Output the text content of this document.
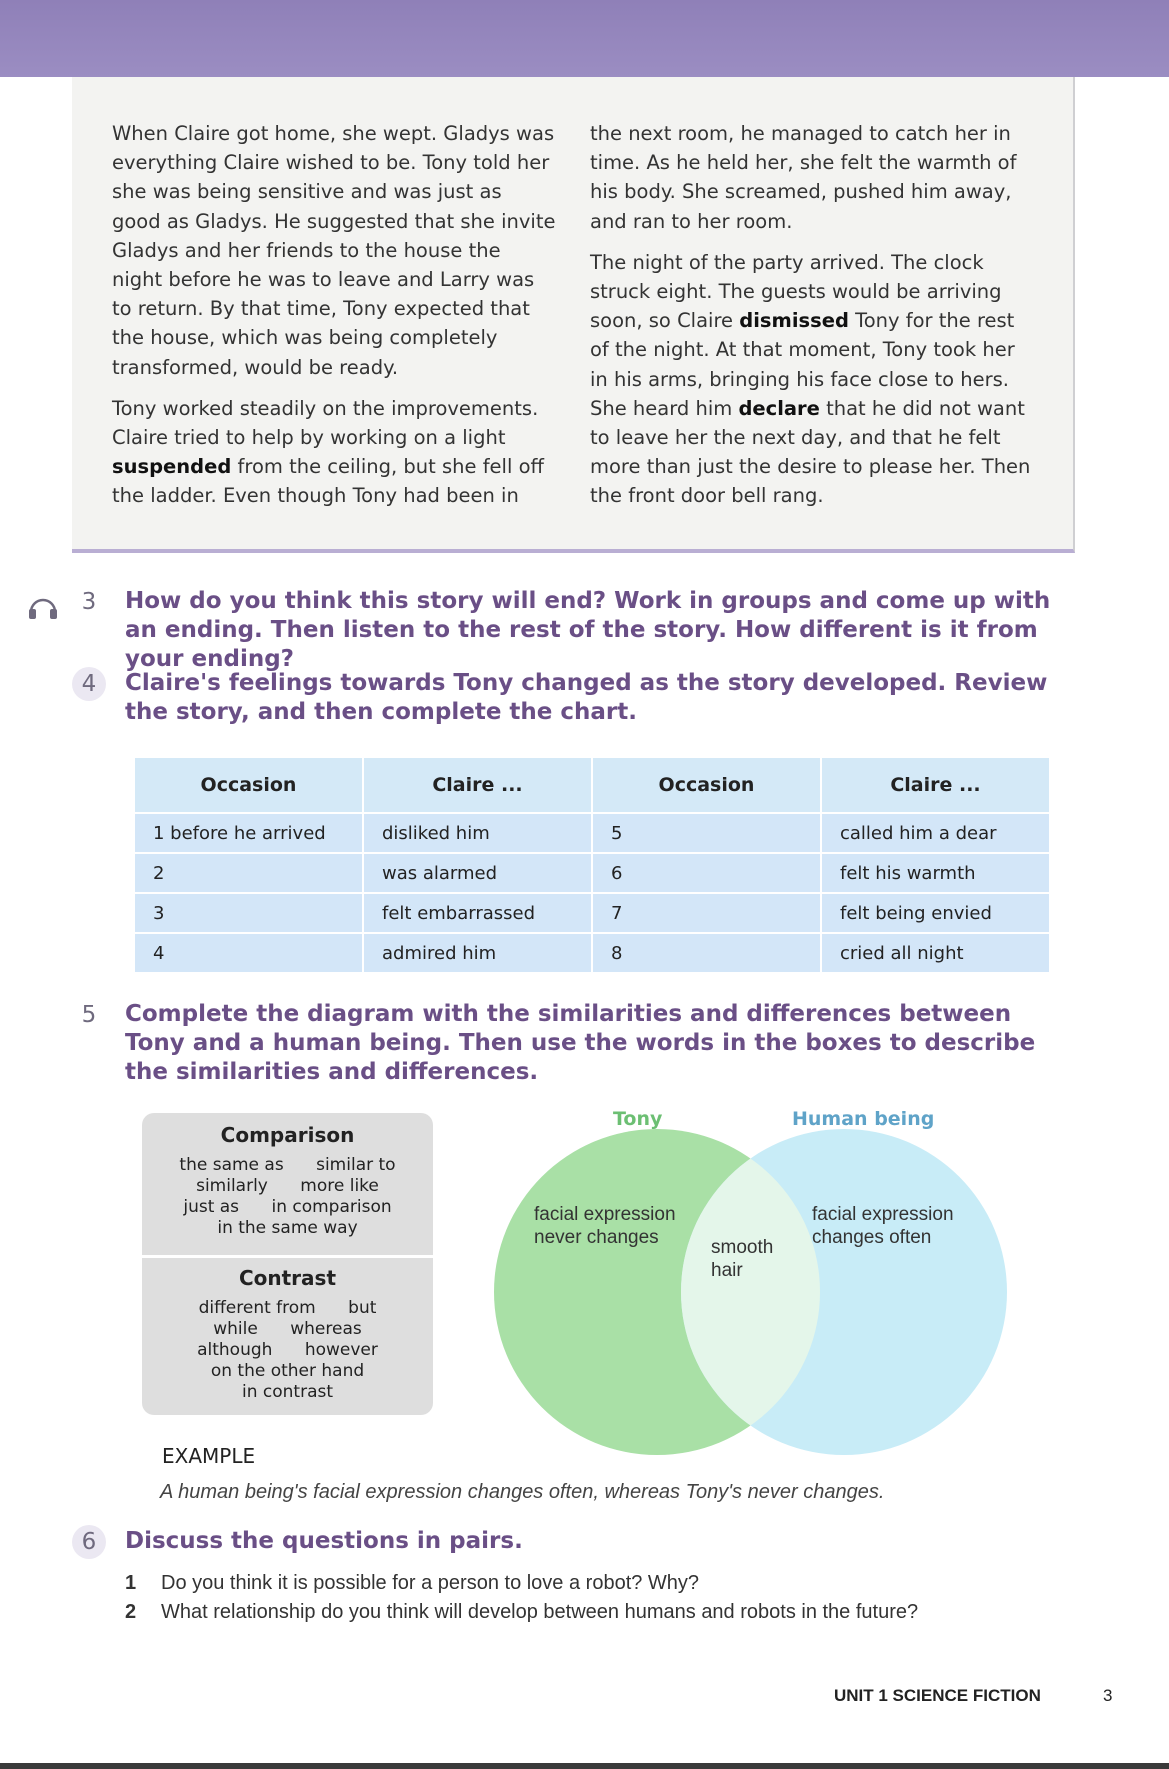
When Claire got home, she wept. Gladys was everything Claire wished to be. Tony told her she was being sensitive and was just as good as Gladys. He suggested that she invite Gladys and her friends to the house the night before he was to leave and Larry was to return. By that time, Tony expected that the house, which was being completely transformed, would be ready.

Tony worked steadily on the improvements. Claire tried to help by working on a light suspended from the ceiling, but she fell off the ladder. Even though Tony had been in

the next room, he managed to catch her in time. As he held her, she felt the warmth of his body. She screamed, pushed him away, and ran to her room.

The night of the party arrived. The clock struck eight. The guests would be arriving soon, so Claire dismissed Tony for the rest of the night. At that moment, Tony took her in his arms, bringing his face close to hers. She heard him declare that he did not want to leave her the next day, and that he felt more than just the desire to please her. Then the front door bell rang.

3	How do you think this story will end? Work in groups and come up with an ending. Then listen to the rest of the story. How different is it from your ending?
4	Claire's feelings towards Tony changed as the story developed. Review the story, and then complete the chart.
Occasion	Claire ...	Occasion	Claire ...
1 before he arrived	disliked him	5	called him a dear
2	was alarmed	6	felt his warmth
3	felt embarrassed	7	felt being envied
4	admired him	8	cried all night
5	Complete the diagram with the similarities and differences between Tony and a human being. Then use the words in the boxes to describe the similarities and differences.
Comparison
the same as      similar to
similarly      more like
just as      in comparison
in the same way
Contrast
different from      but
while      whereas
although      however
on the other hand
in contrast
Tony	Human being
facial expression
never changes	smooth
hair
facial expression
changes often
EXAMPLE
A human being's facial expression changes often, whereas Tony's never changes.
6	Discuss the questions in pairs.
1 Do you think it is possible for a person to love a robot? Why?
2 What relationship do you think will develop between humans and robots in the future?
UNIT 1 SCIENCE FICTION	3
